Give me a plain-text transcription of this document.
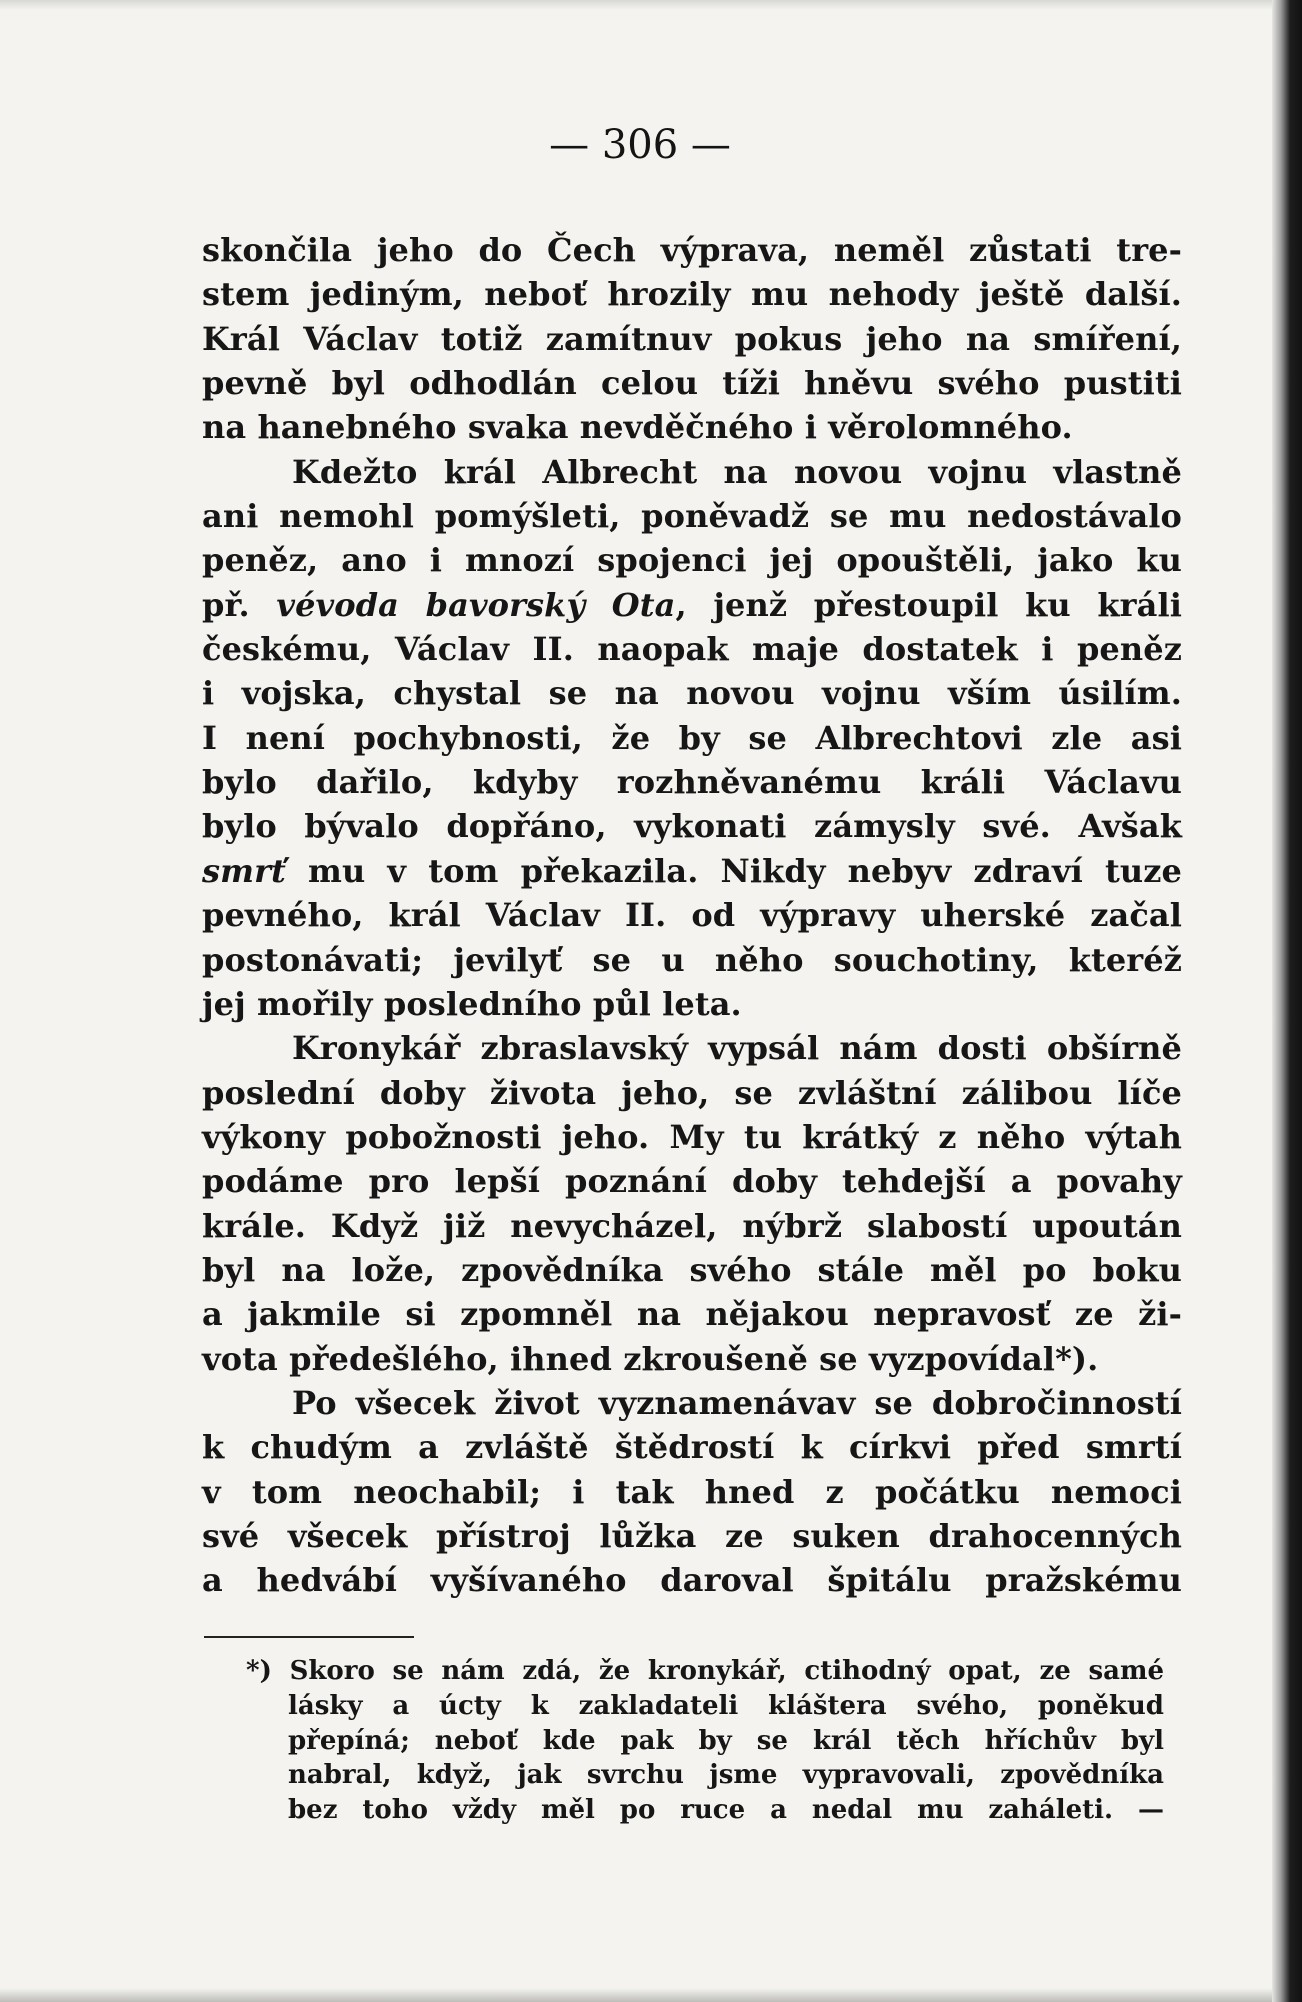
— 306 —
skončila jeho do Čech výprava, neměl zůstati tre-
stem jediným, neboť hrozily mu nehody ještě další.
Král Václav totiž zamítnuv pokus jeho na smíření,
pevně byl odhodlán celou tíži hněvu svého pustiti
na hanebného svaka nevděčného i věrolomného.
Kdežto král Albrecht na novou vojnu vlastně
ani nemohl pomýšleti, poněvadž se mu nedostávalo
peněz, ano i mnozí spojenci jej opouštěli, jako ku
př. vévoda bavorský Ota, jenž přestoupil ku králi
českému, Václav II. naopak maje dostatek i peněz
i vojska, chystal se na novou vojnu vším úsilím.
I není pochybnosti, že by se Albrechtovi zle asi
bylo dařilo, kdyby rozhněvanému králi Václavu
bylo bývalo dopřáno, vykonati zámysly své. Avšak
smrť mu v tom překazila. Nikdy nebyv zdraví tuze
pevného, král Václav II. od výpravy uherské začal
postonávati; jevilyť se u něho souchotiny, kteréž
jej mořily posledního půl leta.
Kronykář zbraslavský vypsál nám dosti obšírně
poslední doby života jeho, se zvláštní zálibou líče
výkony pobožnosti jeho. My tu krátký z něho výtah
podáme pro lepší poznání doby tehdejší a povahy
krále. Když již nevycházel, nýbrž slabostí upoután
byl na lože, zpovědníka svého stále měl po boku
a jakmile si zpomněl na nějakou nepravosť ze ži-
vota předešlého, ihned zkroušeně se vyzpovídal*).
Po všecek život vyznamenávav se dobročinností
k chudým a zvláště štědrostí k církvi před smrtí
v tom neochabil; i tak hned z počátku nemoci
své všecek přístroj lůžka ze suken drahocenných
a hedvábí vyšívaného daroval špitálu pražskému
*) Skoro se nám zdá, že kronykář, ctihodný opat, ze samé
lásky a úcty k zakladateli kláštera svého, poněkud
přepíná; neboť kde pak by se král těch hříchův byl
nabral, když, jak svrchu jsme vypravovali, zpovědníka
bez toho vždy měl po ruce a nedal mu zaháleti. —
